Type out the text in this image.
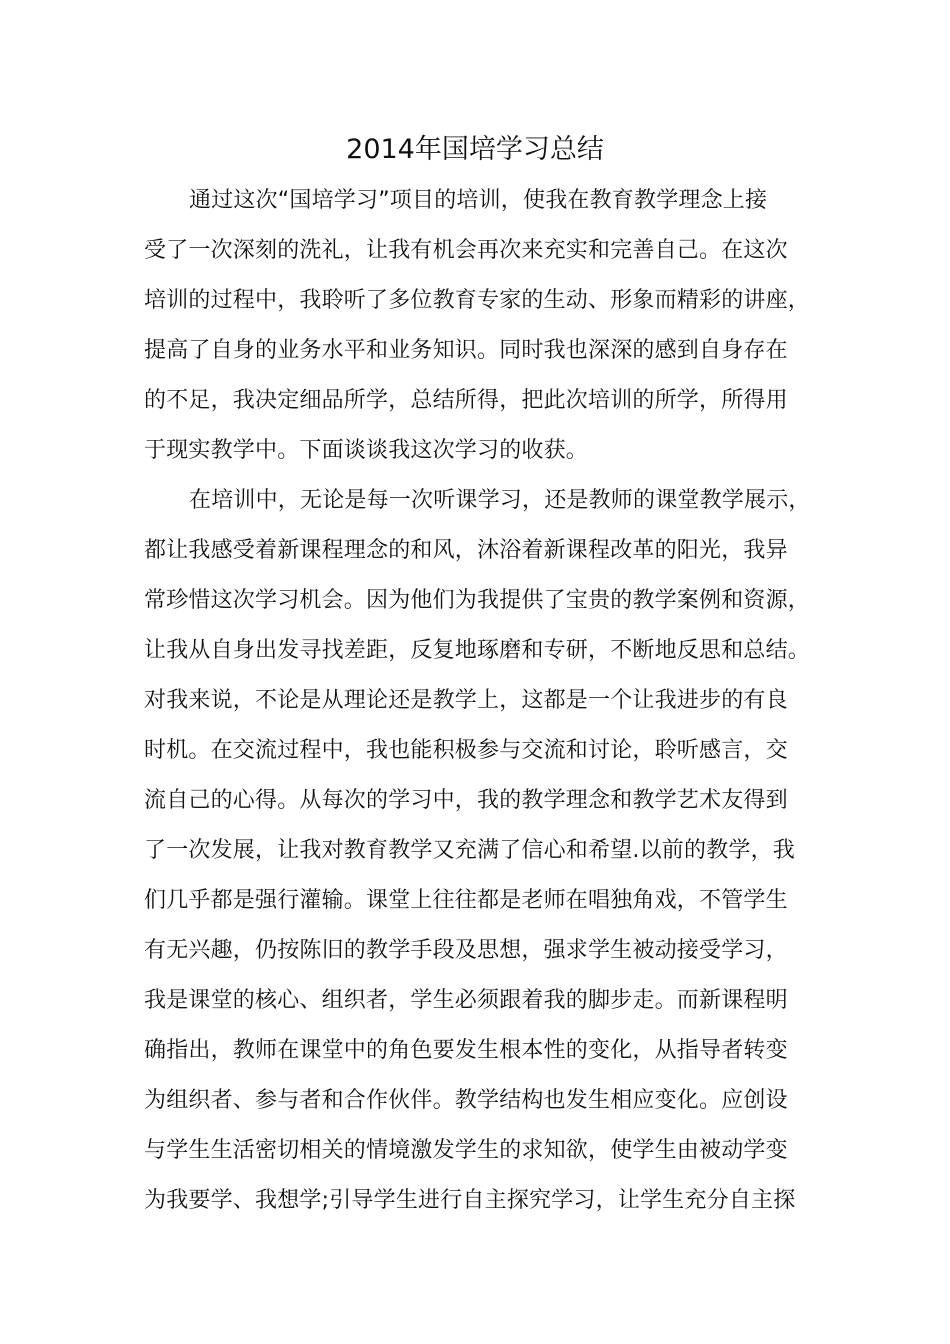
2014年国培学习总结
通过这次“国培学习”项目的培训，使我在教育教学理念上接
受了一次深刻的洗礼，让我有机会再次来充实和完善自己。在这次
培训的过程中，我聆听了多位教育专家的生动、形象而精彩的讲座，
提高了自身的业务水平和业务知识。同时我也深深的感到自身存在
的不足，我决定细品所学，总结所得，把此次培训的所学，所得用
于现实教学中。下面谈谈我这次学习的收获。
在培训中，无论是每一次听课学习，还是教师的课堂教学展示，
都让我感受着新课程理念的和风，沐浴着新课程改革的阳光，我异
常珍惜这次学习机会。因为他们为我提供了宝贵的教学案例和资源，
让我从自身出发寻找差距，反复地琢磨和专研，不断地反思和总结。
对我来说，不论是从理论还是教学上，这都是一个让我进步的有良
时机。在交流过程中，我也能积极参与交流和讨论，聆听感言，交
流自己的心得。从每次的学习中，我的教学理念和教学艺术友得到
了一次发展，让我对教育教学又充满了信心和希望.以前的教学，我
们几乎都是强行灌输。课堂上往往都是老师在唱独角戏，不管学生
有无兴趣，仍按陈旧的教学手段及思想，强求学生被动接受学习，
我是课堂的核心、组织者，学生必须跟着我的脚步走。而新课程明
确指出，教师在课堂中的角色要发生根本性的变化，从指导者转变
为组织者、参与者和合作伙伴。教学结构也发生相应变化。应创设
与学生生活密切相关的情境激发学生的求知欲，使学生由被动学变
为我要学、我想学;引导学生进行自主探究学习，让学生充分自主探
